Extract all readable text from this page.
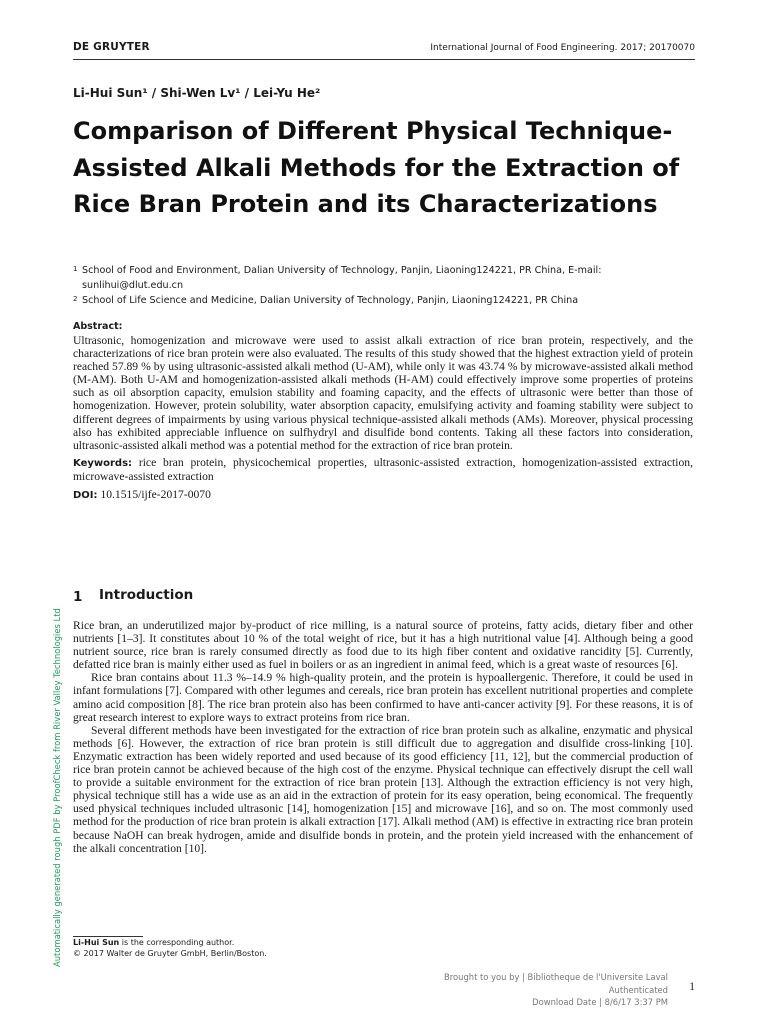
DE GRUYTER	International Journal of Food Engineering. 2017; 20170070
Li-Hui Sun¹ / Shi-Wen Lv¹ / Lei-Yu He²
Comparison of Different Physical Technique-Assisted Alkali Methods for the Extraction of Rice Bran Protein and its Characterizations
1 School of Food and Environment, Dalian University of Technology, Panjin, Liaoning124221, PR China, E-mail: sunlihui@dlut.edu.cn
2 School of Life Science and Medicine, Dalian University of Technology, Panjin, Liaoning124221, PR China
Abstract:

Ultrasonic, homogenization and microwave were used to assist alkali extraction of rice bran protein, respectively, and the characterizations of rice bran protein were also evaluated. The results of this study showed that the highest extraction yield of protein reached 57.89 % by using ultrasonic-assisted alkali method (U-AM), while only it was 43.74 % by microwave-assisted alkali method (M-AM). Both U-AM and homogenization-assisted alkali methods (H-AM) could effectively improve some properties of proteins such as oil absorption capacity, emulsion stability and foaming capacity, and the effects of ultrasonic were better than those of homogenization. However, protein solubility, water absorption capacity, emulsifying activity and foaming stability were subject to different degrees of impairments by using various physical technique-assisted alkali methods (AMs). Moreover, physical processing also has exhibited appreciable influence on sulfhydryl and disulfide bond contents. Taking all these factors into consideration, ultrasonic-assisted alkali method was a potential method for the extraction of rice bran protein.

Keywords: rice bran protein, physicochemical properties, ultrasonic-assisted extraction, homogenization-assisted extraction, microwave-assisted extraction

DOI: 10.1515/ijfe-2017-0070

1 Introduction

Rice bran, an underutilized major by-product of rice milling, is a natural source of proteins, fatty acids, dietary fiber and other nutrients [1–3]. It constitutes about 10 % of the total weight of rice, but it has a high nutritional value [4]. Although being a good nutrient source, rice bran is rarely consumed directly as food due to its high fiber content and oxidative rancidity [5]. Currently, defatted rice bran is mainly either used as fuel in boilers or as an ingredient in animal feed, which is a great waste of resources [6].

Rice bran contains about 11.3 %–14.9 % high-quality protein, and the protein is hypoallergenic. Therefore, it could be used in infant formulations [7]. Compared with other legumes and cereals, rice bran protein has excellent nutritional properties and complete amino acid composition [8]. The rice bran protein also has been confirmed to have anti-cancer activity [9]. For these reasons, it is of great research interest to explore ways to extract proteins from rice bran.

Several different methods have been investigated for the extraction of rice bran protein such as alkaline, enzymatic and physical methods [6]. However, the extraction of rice bran protein is still difficult due to aggregation and disulfide cross-linking [10]. Enzymatic extraction has been widely reported and used because of its good efficiency [11, 12], but the commercial production of rice bran protein cannot be achieved because of the high cost of the enzyme. Physical technique can effectively disrupt the cell wall to provide a suitable environment for the extraction of rice bran protein [13]. Although the extraction efficiency is not very high, physical technique still has a wide use as an aid in the extraction of protein for its easy operation, being economical. The frequently used physical techniques included ultrasonic [14], homogenization [15] and microwave [16], and so on. The most commonly used method for the production of rice bran protein is alkali extraction [17]. Alkali method (AM) is effective in extracting rice bran protein because NaOH can break hydrogen, amide and disulfide bonds in protein, and the protein yield increased with the enhancement of the alkali concentration [10].

Li-Hui Sun is the corresponding author.
© 2017 Walter de Gruyter GmbH, Berlin/Boston.
Automatically generated rough PDF by ProofCheck from River Valley Technologies Ltd
Brought to you by | Bibliotheque de l'Universite Laval
Authenticated
Download Date | 8/6/17 3:37 PM
1
